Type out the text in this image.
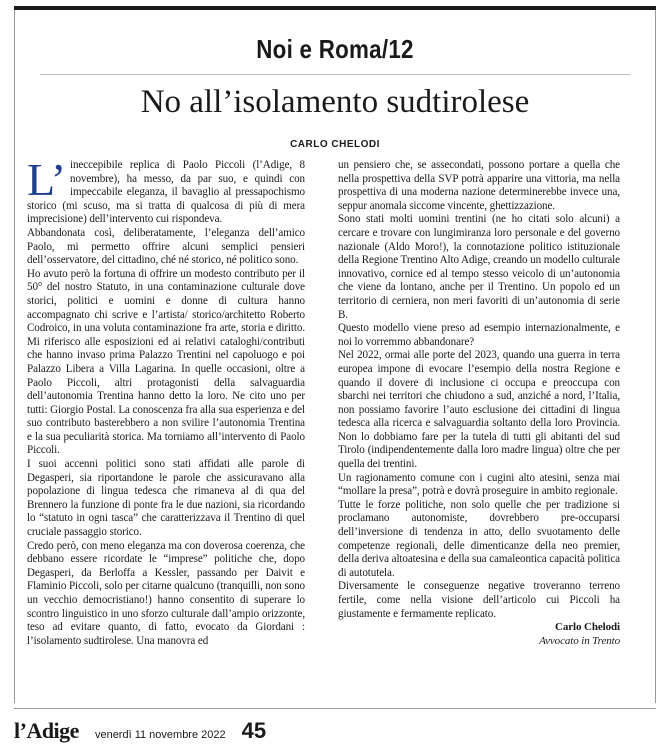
Noi e Roma/12
No all’isolamento sudtirolese
CARLO CHELODI

L’ ineccepibile replica di Paolo Piccoli (l’Adige, 8 novembre), ha messo, da par suo, e quindi con impeccabile eleganza, il bavaglio al pressapochismo storico (mi scuso, ma si tratta di qualcosa di più di mera imprecisione) dell’intervento cui rispondeva.

Abbandonata così, deliberatamente, l’eleganza dell’amico Paolo, mi permetto offrire alcuni semplici pensieri dell’osservatore, del cittadino, ché né storico, né politico sono.

Ho avuto però la fortuna di offrire un modesto contributo per il 50° del nostro Statuto, in una contaminazione culturale dove storici, politici e uomini e donne di cultura hanno accompagnato chi scrive e l’artista/ storico/architetto Roberto Codroico, in una voluta contaminazione fra arte, storia e diritto. Mi riferisco alle esposizioni ed ai relativi cataloghi/contributi che hanno invaso prima Palazzo Trentini nel capoluogo e poi Palazzo Libera a Villa Lagarina. In quelle occasioni, oltre a Paolo Piccoli, altri protagonisti della salvaguardia dell’autonomia Trentina hanno detto la loro. Ne cito uno per tutti: Giorgio Postal. La conoscenza fra alla sua esperienza e del suo contributo basterebbero a non svilire l’autonomia Trentina e la sua peculiarità storica. Ma torniamo all’intervento di Paolo Piccoli.

I suoi accenni politici sono stati affidati alle parole di Degasperi, sia riportandone le parole che assicuravano alla popolazione di lingua tedesca che rimaneva al di qua del Brennero la funzione di ponte fra le due nazioni, sia ricordando lo “statuto in ogni tasca” che caratterizzava il Trentino di quel cruciale passaggio storico.

Credo però, con meno eleganza ma con doverosa coerenza, che debbano essere ricordate le “imprese” politiche che, dopo Degasperi, da Berloffa a Kessler, passando per Daivit e Flaminio Piccoli, solo per citarne qualcuno (tranquilli, non sono un vecchio democristiano!) hanno consentito di superare lo scontro linguistico in uno sforzo culturale dall’ampio orizzonte, teso ad evitare quanto, di fatto, evocato da Giordani : l’isolamento sudtirolese. Una manovra ed

un pensiero che, se assecondati, possono portare a quella che nella prospettiva della SVP potrà apparire una vittoria, ma nella prospettiva di una moderna nazione determinerebbe invece una, seppur anomala siccome vincente, ghettizzazione.

Sono stati molti uomini trentini (ne ho citati solo alcuni) a cercare e trovare con lungimiranza loro personale e del governo nazionale (Aldo Moro!), la connotazione politico istituzionale della Regione Trentino Alto Adige, creando un modello culturale innovativo, cornice ed al tempo stesso veicolo di un’autonomia che viene da lontano, anche per il Trentino. Un popolo ed un territorio di cerniera, non meri favoriti di un’autonomia di serie B.

Questo modello viene preso ad esempio internazionalmente, e noi lo vorremmo abbandonare?

Nel 2022, ormai alle porte del 2023, quando una guerra in terra europea impone di evocare l’esempio della nostra Regione e quando il dovere di inclusione ci occupa e preoccupa con sbarchi nei territori che chiudono a sud, anziché a nord, l’Italia, non possiamo favorire l’auto esclusione dei cittadini di lingua tedesca alla ricerca e salvaguardia soltanto della loro Provincia. Non lo dobbiamo fare per la tutela di tutti gli abitanti del sud Tirolo (indipendentemente dalla loro madre lingua) oltre che per quella dei trentini.

Un ragionamento comune con i cugini alto atesini, senza mai “mollare la presa”, potrà e dovrà proseguire in ambito regionale.

Tutte le forze politiche, non solo quelle che per tradizione si proclamano autonomiste, dovrebbero pre-occuparsi dell’inversione di tendenza in atto, dello svuotamento delle competenze regionali, delle dimenticanze della neo premier, della deriva altoatesina e della sua camaleontica capacità politica di autotutela.

Diversamente le conseguenze negative troveranno terreno fertile, come nella visione dell’articolo cui Piccoli ha giustamente e fermamente replicato.

Carlo Chelodi
Avvocato in Trento
l’Adige venerdì 11 novembre 2022 45
